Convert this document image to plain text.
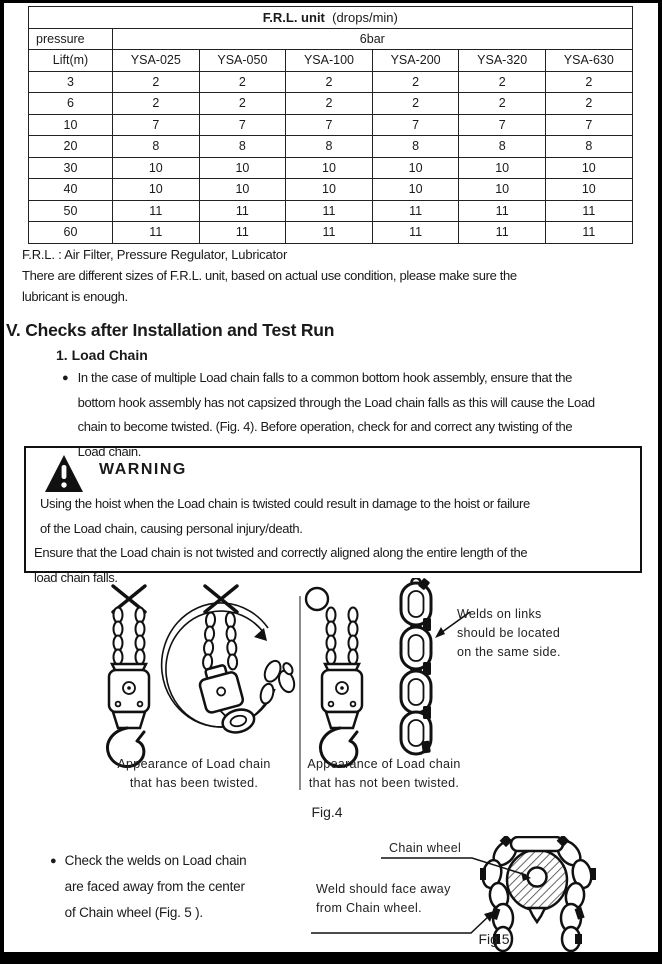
F.R.L. unit  (drops/min)						
pressure	6bar					
Lift(m)	YSA-025	YSA-050	YSA-100	YSA-200	YSA-320	YSA-630
3	2	2	2	2	2	2
6	2	2	2	2	2	2
10	7	7	7	7	7	7
20	8	8	8	8	8	8
30	10	10	10	10	10	10
40	10	10	10	10	10	10
50	11	11	11	11	11	11
60	11	11	11	11	11	11
F.R.L. : Air Filter, Pressure Regulator, Lubricator
There are different sizes of F.R.L. unit, based on actual use condition, please make sure the
lubricant is enough.
V. Checks after Installation and Test Run
1. Load Chain
● In the case of multiple Load chain falls to a common bottom hook assembly, ensure that the
bottom hook assembly has not capsized through the Load chain falls as this will cause the Load
chain to become twisted. (Fig. 4). Before operation, check for and correct any twisting of the
Load chain.
WARNING
Using the hoist when the Load chain is twisted could result in damage to the hoist or failure
of the Load chain, causing personal injury/death.
Ensure that the Load chain is not twisted and correctly aligned along the entire length of the
load chain falls.
Welds on links
should be located
on the same side.
Appearance of Load chain
that has been twisted.
Appearance of Load chain
that has not been twisted.
Fig.4
● Check the welds on Load chain
are faced away from the center
of Chain wheel (Fig. 5 ).
Chain wheel
Weld should face away
from Chain wheel.
Fig.5
